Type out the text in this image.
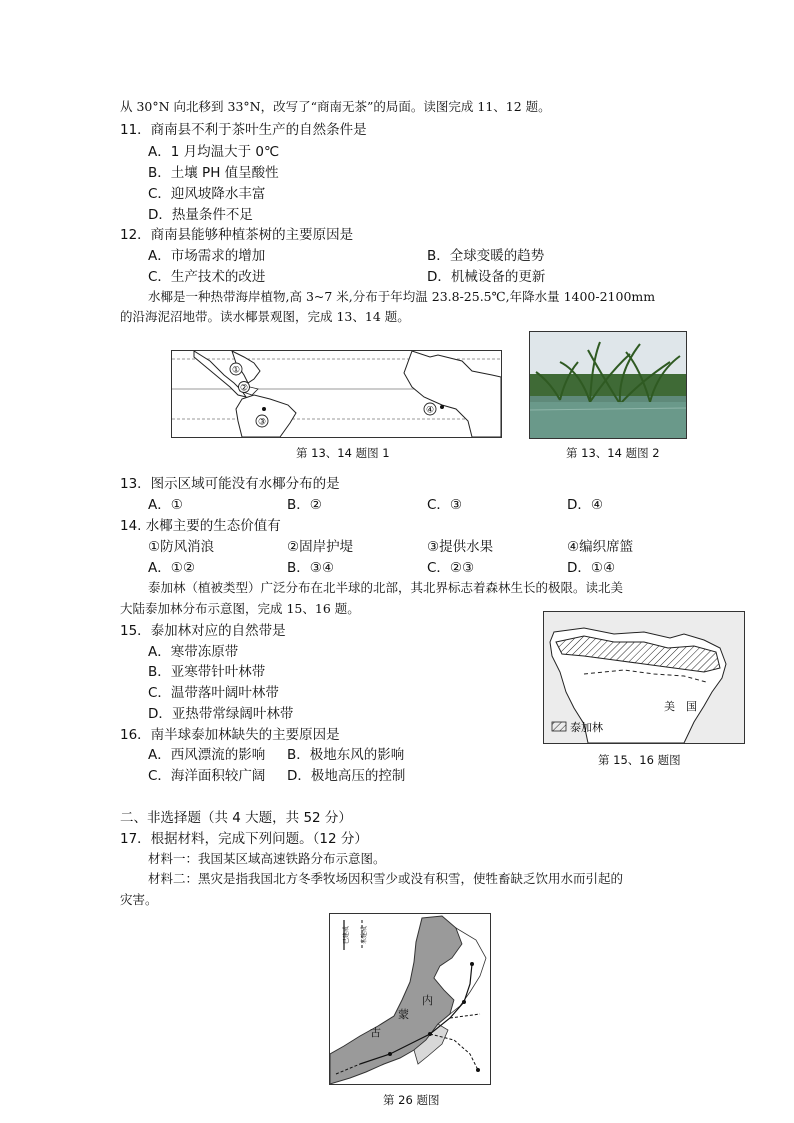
从 30°N 向北移到 33°N，改写了“商南无茶”的局面。读图完成 11、12 题。
11．商南县不利于茶叶生产的自然条件是
A．1 月均温大于 0℃
B．土壤 PH 值呈酸性
C．迎风坡降水丰富
D．热量条件不足
12．商南县能够种植茶树的主要原因是
A．市场需求的增加	B．全球变暖的趋势
C．生产技术的改进	D．机械设备的更新
水椰是一种热带海岸植物,高 3~7 米,分布于年均温 23.8-25.5℃,年降水量 1400-2100mm
的沿海泥沼地带。读水椰景观图，完成 13、14 题。
①
②
③
④
第 13、14 题图 1	第 13、14 题图 2
13．图示区域可能没有水椰分布的是
A．①	B．②	C．③	D．④
14. 水椰主要的生态价值有
①防风消浪	②固岸护堤	③提供水果	④编织席篮
A．①②	B．③④	C．②③	D．①④
泰加林（植被类型）广泛分布在北半球的北部，其北界标志着森林生长的极限。读北美
大陆泰加林分布示意图，完成 15、16 题。
15．泰加林对应的自然带是
A．寒带冻原带
B．亚寒带针叶林带
C．温带落叶阔叶林带
D．亚热带常绿阔叶林带
16．南半球泰加林缺失的主要原因是
A．西风漂流的影响 B．极地东风的影响
C．海洋面积较广阔 D．极地高压的控制
泰加林
美　国
第 15、16 题图
二、非选择题（共 4 大题，共 52 分）
17．根据材料，完成下列问题。（12 分）
材料一：我国某区域高速铁路分布示意图。
材料二：黑灾是指我国北方冬季牧场因积雪少或没有积雪，使牲畜缺乏饮用水而引起的
灾害。
已建成 未建成
内
蒙
古
第 26 题图
